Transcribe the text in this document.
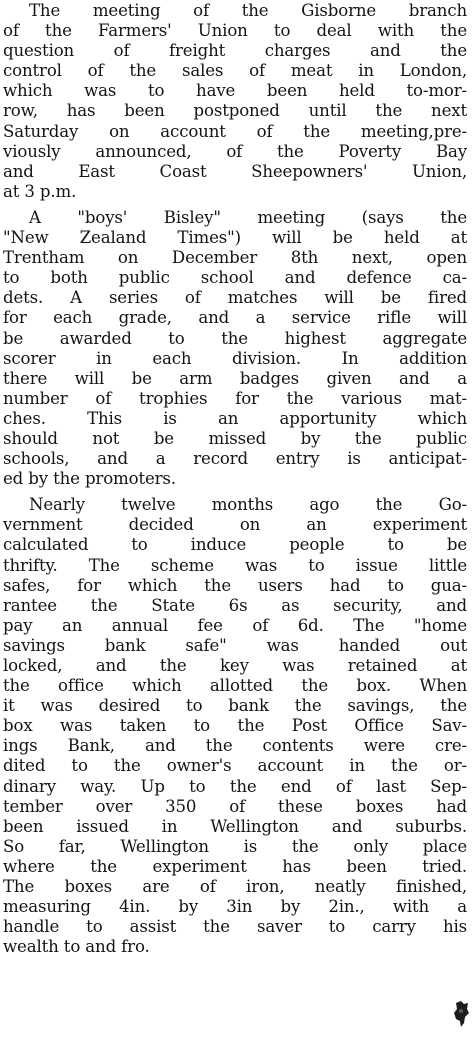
The meeting of the Gisborne branch
of the Farmers' Union to deal with the
question of freight charges and the
control of the sales of meat in London,
which was to have been held to-mor-
row, has been postponed until the next
Saturday on account of the meeting,pre-
viously announced, of the Poverty Bay
and East Coast Sheepowners' Union,
at 3 p.m.
A "boys' Bisley" meeting (says the
"New Zealand Times") will be held at
Trentham on December 8th next, open
to both public school and defence ca-
dets. A series of matches will be fired
for each grade, and a service rifle will
be awarded to the highest aggregate
scorer in each division. In addition
there will be arm badges given and a
number of trophies for the various mat-
ches. This is an apportunity which
should not be missed by the public
schools, and a record entry is anticipat-
ed by the promoters.
Nearly twelve months ago the Go-
vernment decided on an experiment
calculated to induce people to be
thrifty. The scheme was to issue little
safes, for which the users had to gua-
rantee the State 6s as security, and
pay an annual fee of 6d. The "home
savings bank safe" was handed out
locked, and the key was retained at
the office which allotted the box. When
it was desired to bank the savings, the
box was taken to the Post Office Sav-
ings Bank, and the contents were cre-
dited to the owner's account in the or-
dinary way. Up to the end of last Sep-
tember over 350 of these boxes had
been issued in Wellington and suburbs.
So far, Wellington is the only place
where the experiment has been tried.
The boxes are of iron, neatly finished,
measuring 4in. by 3in by 2in., with a
handle to assist the saver to carry his
wealth to and fro.
